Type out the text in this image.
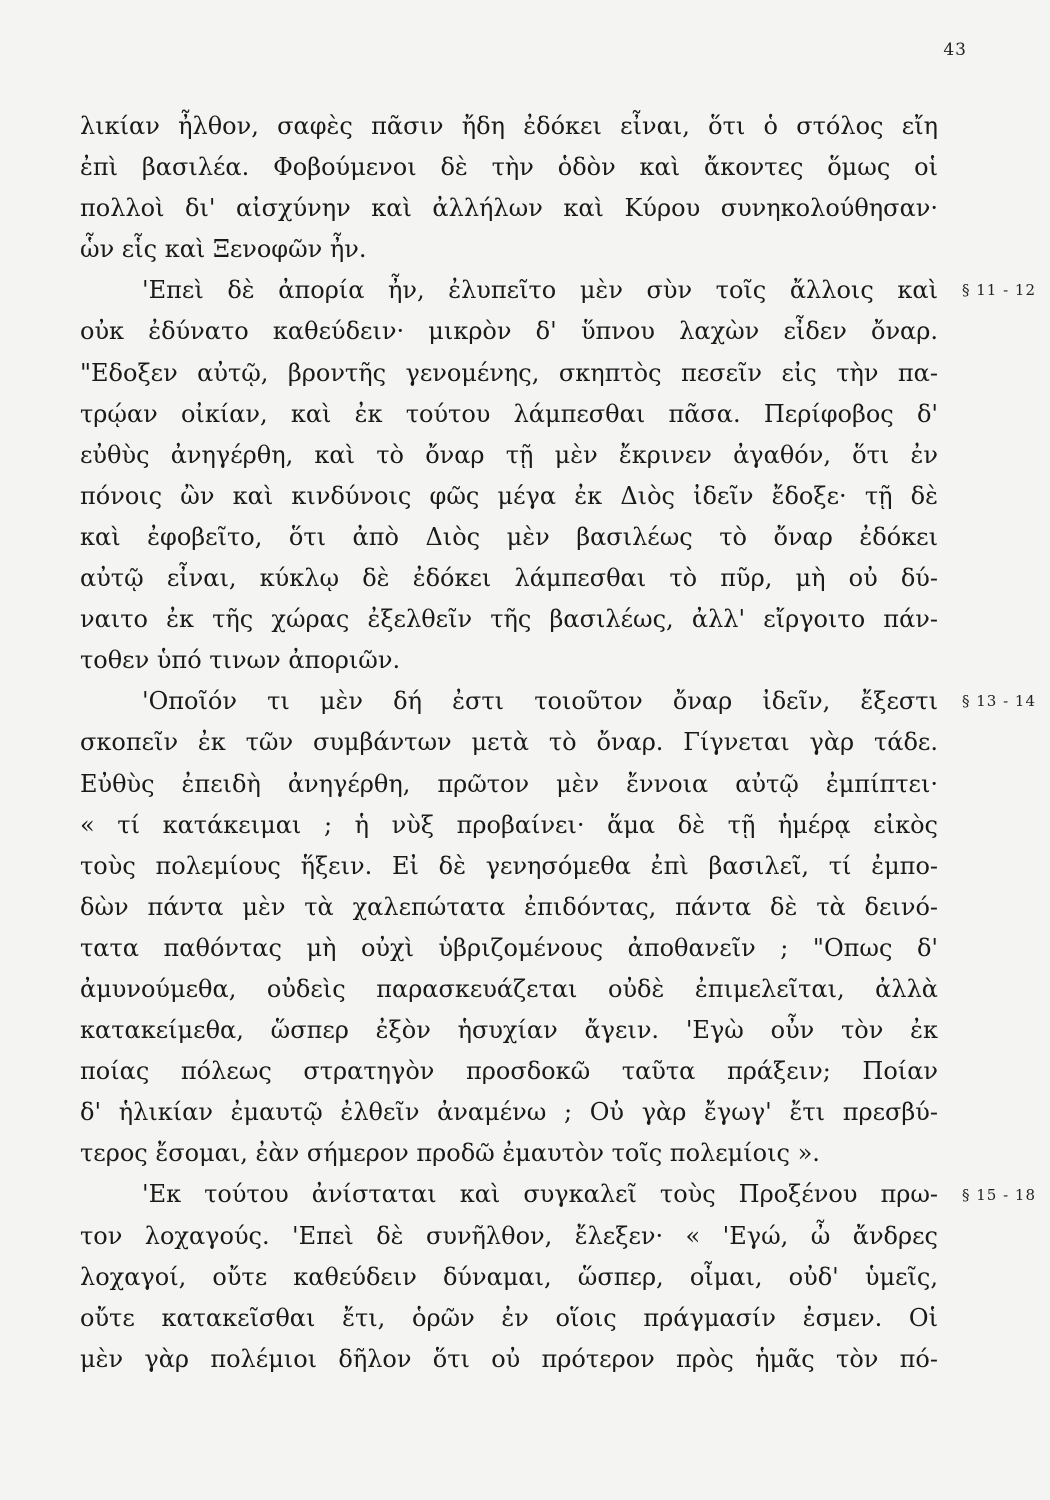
43
λικίαν ἦλθον, σαφὲς πᾶσιν ἤδη ἐδόκει εἶναι, ὅτι ὁ στόλος εἴη
ἐπὶ βασιλέα. Φοβούμενοι δὲ τὴν ὁδὸν καὶ ἄκοντες ὅμως οἱ
πολλοὶ δι' αἰσχύνην καὶ ἀλλήλων καὶ Κύρου συνηκολούθησαν·
ὧν εἷς καὶ Ξενοφῶν ἦν.
'Επεὶ δὲ ἀπορία ἦν, ἐλυπεῖτο μὲν σὺν τοῖς ἄλλοις καὶ
οὐκ ἐδύνατο καθεύδειν· μικρὸν δ' ὕπνου λαχὼν εἶδεν ὄναρ.
"Εδοξεν αὐτῷ, βροντῆς γενομένης, σκηπτὸς πεσεῖν εἰς τὴν πα-
τρῴαν οἰκίαν, καὶ ἐκ τούτου λάμπεσθαι πᾶσα. Περίφοβος δ'
εὐθὺς ἀνηγέρθη, καὶ τὸ ὄναρ τῇ μὲν ἔκρινεν ἀγαθόν, ὅτι ἐν
πόνοις ὢν καὶ κινδύνοις φῶς μέγα ἐκ Διὸς ἰδεῖν ἔδοξε· τῇ δὲ
καὶ ἐφοβεῖτο, ὅτι ἀπὸ Διὸς μὲν βασιλέως τὸ ὄναρ ἐδόκει
αὐτῷ εἶναι, κύκλῳ δὲ ἐδόκει λάμπεσθαι τὸ πῦρ, μὴ οὐ δύ-
ναιτο ἐκ τῆς χώρας ἐξελθεῖν τῆς βασιλέως, ἀλλ' εἴργοιτο πάν-
τοθεν ὑπό τινων ἀποριῶν.
'Οποῖόν τι μὲν δή ἐστι τοιοῦτον ὄναρ ἰδεῖν, ἔξεστι
σκοπεῖν ἐκ τῶν συμβάντων μετὰ τὸ ὄναρ. Γίγνεται γὰρ τάδε.
Εὐθὺς ἐπειδὴ ἀνηγέρθη, πρῶτον μὲν ἔννοια αὐτῷ ἐμπίπτει·
« τί κατάκειμαι ; ἡ νὺξ προβαίνει· ἅμα δὲ τῇ ἡμέρᾳ εἰκὸς
τοὺς πολεμίους ἥξειν. Εἰ δὲ γενησόμεθα ἐπὶ βασιλεῖ, τί ἐμπο-
δὼν πάντα μὲν τὰ χαλεπώτατα ἐπιδόντας, πάντα δὲ τὰ δεινό-
τατα παθόντας μὴ οὐχὶ ὑβριζομένους ἀποθανεῖν ; "Οπως δ'
ἀμυνούμεθα, οὐδεὶς παρασκευάζεται οὐδὲ ἐπιμελεῖται, ἀλλὰ
κατακείμεθα, ὥσπερ ἐξὸν ἡσυχίαν ἄγειν. 'Εγὼ οὖν τὸν ἐκ
ποίας πόλεως στρατηγὸν προσδοκῶ ταῦτα πράξειν; Ποίαν
δ' ἡλικίαν ἐμαυτῷ ἐλθεῖν ἀναμένω ; Οὐ γὰρ ἔγωγ' ἔτι πρεσβύ-
τερος ἔσομαι, ἐὰν σήμερον προδῶ ἐμαυτὸν τοῖς πολεμίοις ».
'Εκ τούτου ἀνίσταται καὶ συγκαλεῖ τοὺς Προξένου πρω-
τον λοχαγούς. 'Επεὶ δὲ συνῆλθον, ἔλεξεν· « 'Εγώ, ὦ ἄνδρες
λοχαγοί, οὔτε καθεύδειν δύναμαι, ὥσπερ, οἶμαι, οὐδ' ὑμεῖς,
οὔτε κατακεῖσθαι ἔτι, ὁρῶν ἐν οἵοις πράγμασίν ἐσμεν. Οἱ
μὲν γὰρ πολέμιοι δῆλον ὅτι οὐ πρότερον πρὸς ἡμᾶς τὸν πό-
§ 11 - 12
§ 13 - 14
§ 15 - 18
